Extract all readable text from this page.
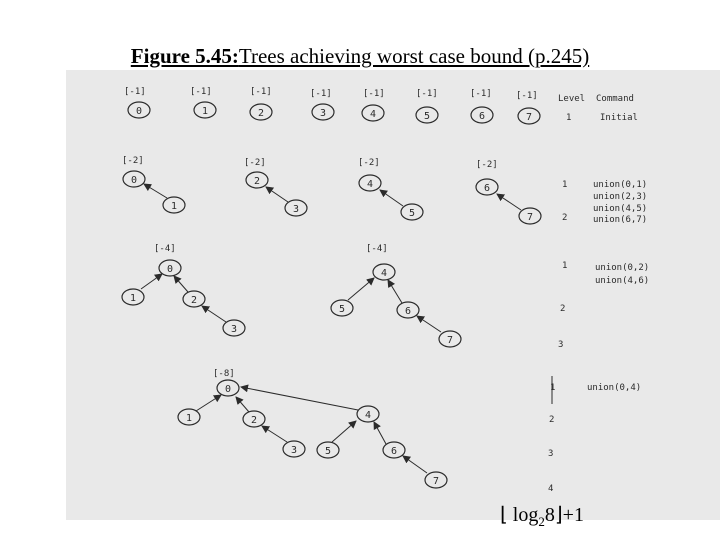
Figure 5.45:Trees achieving worst case bound (p.245)
Level Command
1	Initial
1	union(0,1)
union(2,3)
union(4,5)
2	union(6,7)
1	union(0,2)
union(4,6)
2
3
1	union(0,4)
2
3
4
[-1]
0
[-1]
1
[-1]
2
[-1]
3
[-1]
4
[-1]
5
[-1]
6
[-1]
7
[-2]
0
1
[-2]
2
3
[-2]
4
5
[-2]
6
7
[-4]
0
1	2
3
[-4]
4
5	6
7
[-8]
0
1	2
3
4
5	6
7
⌊ $\log_28⌋+1$
